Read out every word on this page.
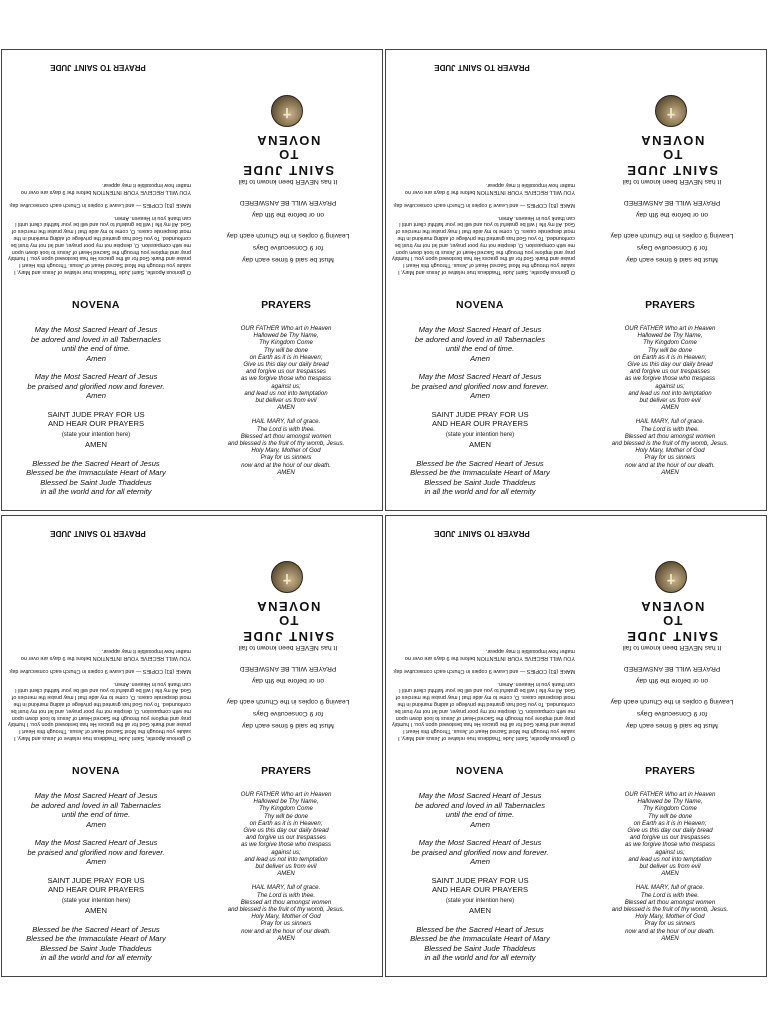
Must be said 6 times each day
for 9 Consecutive Days
Leaving 9 copies in the Church each day
on or before the 9th day
PRAYER WILL BE ANSWERED
It has NEVER been known to fail
SAINT JUDE
TO
NOVENA
✝

O glorious Apostle, Saint Jude Thaddeus true relative of Jesus and Mary, I salute you through the Most Sacred Heart of Jesus. Through this Heart I praise and thank God for all the graces He has bestowed upon you. I humbly pray and implore you through the Sacred Heart of Jesus to look down upon me with compassion. O, despise not my poor prayer, and let not my trust be confounded. To you God has granted the privilege of aiding mankind in the most desperate cases. O, come to my aide that I may praise the mercies of God. All my life I will be grateful to you and will be your faithful client until I can thank you in Heaven. Amen.

MAKE (81) COPIES — and Leave 9 copies in Church each consecutive day.

YOU WILL RECEIVE YOUR INTENTION before the 9 days are over no matter how impossible it may appear.

PRAYER TO SAINT JUDE
NOVENA

May the Most Sacred Heart of Jesus
be adored and loved in all Tabernacles
until the end of time.
Amen

May the Most Sacred Heart of Jesus
be praised and glorified now and forever.
Amen

SAINT JUDE PRAY FOR US
AND HEAR OUR PRAYERS
(state your intention here)
AMEN

Blessed be the Sacred Heart of Jesus
Blessed be the Immaculate Heart of Mary
Blessed be Saint Jude Thaddeus
in all the world and for all eternity

PRAYERS

OUR FATHER Who art in Heaven
Hallowed be Thy Name,
Thy Kingdom Come
Thy will be done
on Earth as it is in Heaven;
Give us this day our daily bread
and forgive us our trespasses
as we forgive those who trespass
against us;
and lead us not into temptation
but deliver us from evil
AMEN

HAIL MARY, full of grace.
The Lord is with thee.
Blessed art thou amongst women
and blessed is the fruit of thy womb, Jesus.
Holy Mary, Mother of God
Pray for us sinners
now and at the hour of our death.
AMEN

Must be said 6 times each day
for 9 Consecutive Days
Leaving 9 copies in the Church each day
on or before the 9th day
PRAYER WILL BE ANSWERED
It has NEVER been known to fail
SAINT JUDE
TO
NOVENA
✝

O glorious Apostle, Saint Jude Thaddeus true relative of Jesus and Mary, I salute you through the Most Sacred Heart of Jesus. Through this Heart I praise and thank God for all the graces He has bestowed upon you. I humbly pray and implore you through the Sacred Heart of Jesus to look down upon me with compassion. O, despise not my poor prayer, and let not my trust be confounded. To you God has granted the privilege of aiding mankind in the most desperate cases. O, come to my aide that I may praise the mercies of God. All my life I will be grateful to you and will be your faithful client until I can thank you in Heaven. Amen.

MAKE (81) COPIES — and Leave 9 copies in Church each consecutive day.

YOU WILL RECEIVE YOUR INTENTION before the 9 days are over no matter how impossible it may appear.

PRAYER TO SAINT JUDE
NOVENA

May the Most Sacred Heart of Jesus
be adored and loved in all Tabernacles
until the end of time.
Amen

May the Most Sacred Heart of Jesus
be praised and glorified now and forever.
Amen

SAINT JUDE PRAY FOR US
AND HEAR OUR PRAYERS
(state your intention here)
AMEN

Blessed be the Sacred Heart of Jesus
Blessed be the Immaculate Heart of Mary
Blessed be Saint Jude Thaddeus
in all the world and for all eternity

PRAYERS

OUR FATHER Who art in Heaven
Hallowed be Thy Name,
Thy Kingdom Come
Thy will be done
on Earth as it is in Heaven;
Give us this day our daily bread
and forgive us our trespasses
as we forgive those who trespass
against us;
and lead us not into temptation
but deliver us from evil
AMEN

HAIL MARY, full of grace.
The Lord is with thee.
Blessed art thou amongst women
and blessed is the fruit of thy womb, Jesus.
Holy Mary, Mother of God
Pray for us sinners
now and at the hour of our death.
AMEN

Must be said 6 times each day
for 9 Consecutive Days
Leaving 9 copies in the Church each day
on or before the 9th day
PRAYER WILL BE ANSWERED
It has NEVER been known to fail
SAINT JUDE
TO
NOVENA
✝

O glorious Apostle, Saint Jude Thaddeus true relative of Jesus and Mary, I salute you through the Most Sacred Heart of Jesus. Through this Heart I praise and thank God for all the graces He has bestowed upon you. I humbly pray and implore you through the Sacred Heart of Jesus to look down upon me with compassion. O, despise not my poor prayer, and let not my trust be confounded. To you God has granted the privilege of aiding mankind in the most desperate cases. O, come to my aide that I may praise the mercies of God. All my life I will be grateful to you and will be your faithful client until I can thank you in Heaven. Amen.

MAKE (81) COPIES — and Leave 9 copies in Church each consecutive day.

YOU WILL RECEIVE YOUR INTENTION before the 9 days are over no matter how impossible it may appear.

PRAYER TO SAINT JUDE
NOVENA

May the Most Sacred Heart of Jesus
be adored and loved in all Tabernacles
until the end of time.
Amen

May the Most Sacred Heart of Jesus
be praised and glorified now and forever.
Amen

SAINT JUDE PRAY FOR US
AND HEAR OUR PRAYERS
(state your intention here)
AMEN

Blessed be the Sacred Heart of Jesus
Blessed be the Immaculate Heart of Mary
Blessed be Saint Jude Thaddeus
in all the world and for all eternity

PRAYERS

OUR FATHER Who art in Heaven
Hallowed be Thy Name,
Thy Kingdom Come
Thy will be done
on Earth as it is in Heaven;
Give us this day our daily bread
and forgive us our trespasses
as we forgive those who trespass
against us;
and lead us not into temptation
but deliver us from evil
AMEN

HAIL MARY, full of grace.
The Lord is with thee.
Blessed art thou amongst women
and blessed is the fruit of thy womb, Jesus.
Holy Mary, Mother of God
Pray for us sinners
now and at the hour of our death.
AMEN

Must be said 6 times each day
for 9 Consecutive Days
Leaving 9 copies in the Church each day
on or before the 9th day
PRAYER WILL BE ANSWERED
It has NEVER been known to fail
SAINT JUDE
TO
NOVENA
✝

O glorious Apostle, Saint Jude Thaddeus true relative of Jesus and Mary, I salute you through the Most Sacred Heart of Jesus. Through this Heart I praise and thank God for all the graces He has bestowed upon you. I humbly pray and implore you through the Sacred Heart of Jesus to look down upon me with compassion. O, despise not my poor prayer, and let not my trust be confounded. To you God has granted the privilege of aiding mankind in the most desperate cases. O, come to my aide that I may praise the mercies of God. All my life I will be grateful to you and will be your faithful client until I can thank you in Heaven. Amen.

MAKE (81) COPIES — and Leave 9 copies in Church each consecutive day.

YOU WILL RECEIVE YOUR INTENTION before the 9 days are over no matter how impossible it may appear.

PRAYER TO SAINT JUDE
NOVENA

May the Most Sacred Heart of Jesus
be adored and loved in all Tabernacles
until the end of time.
Amen

May the Most Sacred Heart of Jesus
be praised and glorified now and forever.
Amen

SAINT JUDE PRAY FOR US
AND HEAR OUR PRAYERS
(state your intention here)
AMEN

Blessed be the Sacred Heart of Jesus
Blessed be the Immaculate Heart of Mary
Blessed be Saint Jude Thaddeus
in all the world and for all eternity

PRAYERS

OUR FATHER Who art in Heaven
Hallowed be Thy Name,
Thy Kingdom Come
Thy will be done
on Earth as it is in Heaven;
Give us this day our daily bread
and forgive us our trespasses
as we forgive those who trespass
against us;
and lead us not into temptation
but deliver us from evil
AMEN

HAIL MARY, full of grace.
The Lord is with thee.
Blessed art thou amongst women
and blessed is the fruit of thy womb, Jesus.
Holy Mary, Mother of God
Pray for us sinners
now and at the hour of our death.
AMEN
